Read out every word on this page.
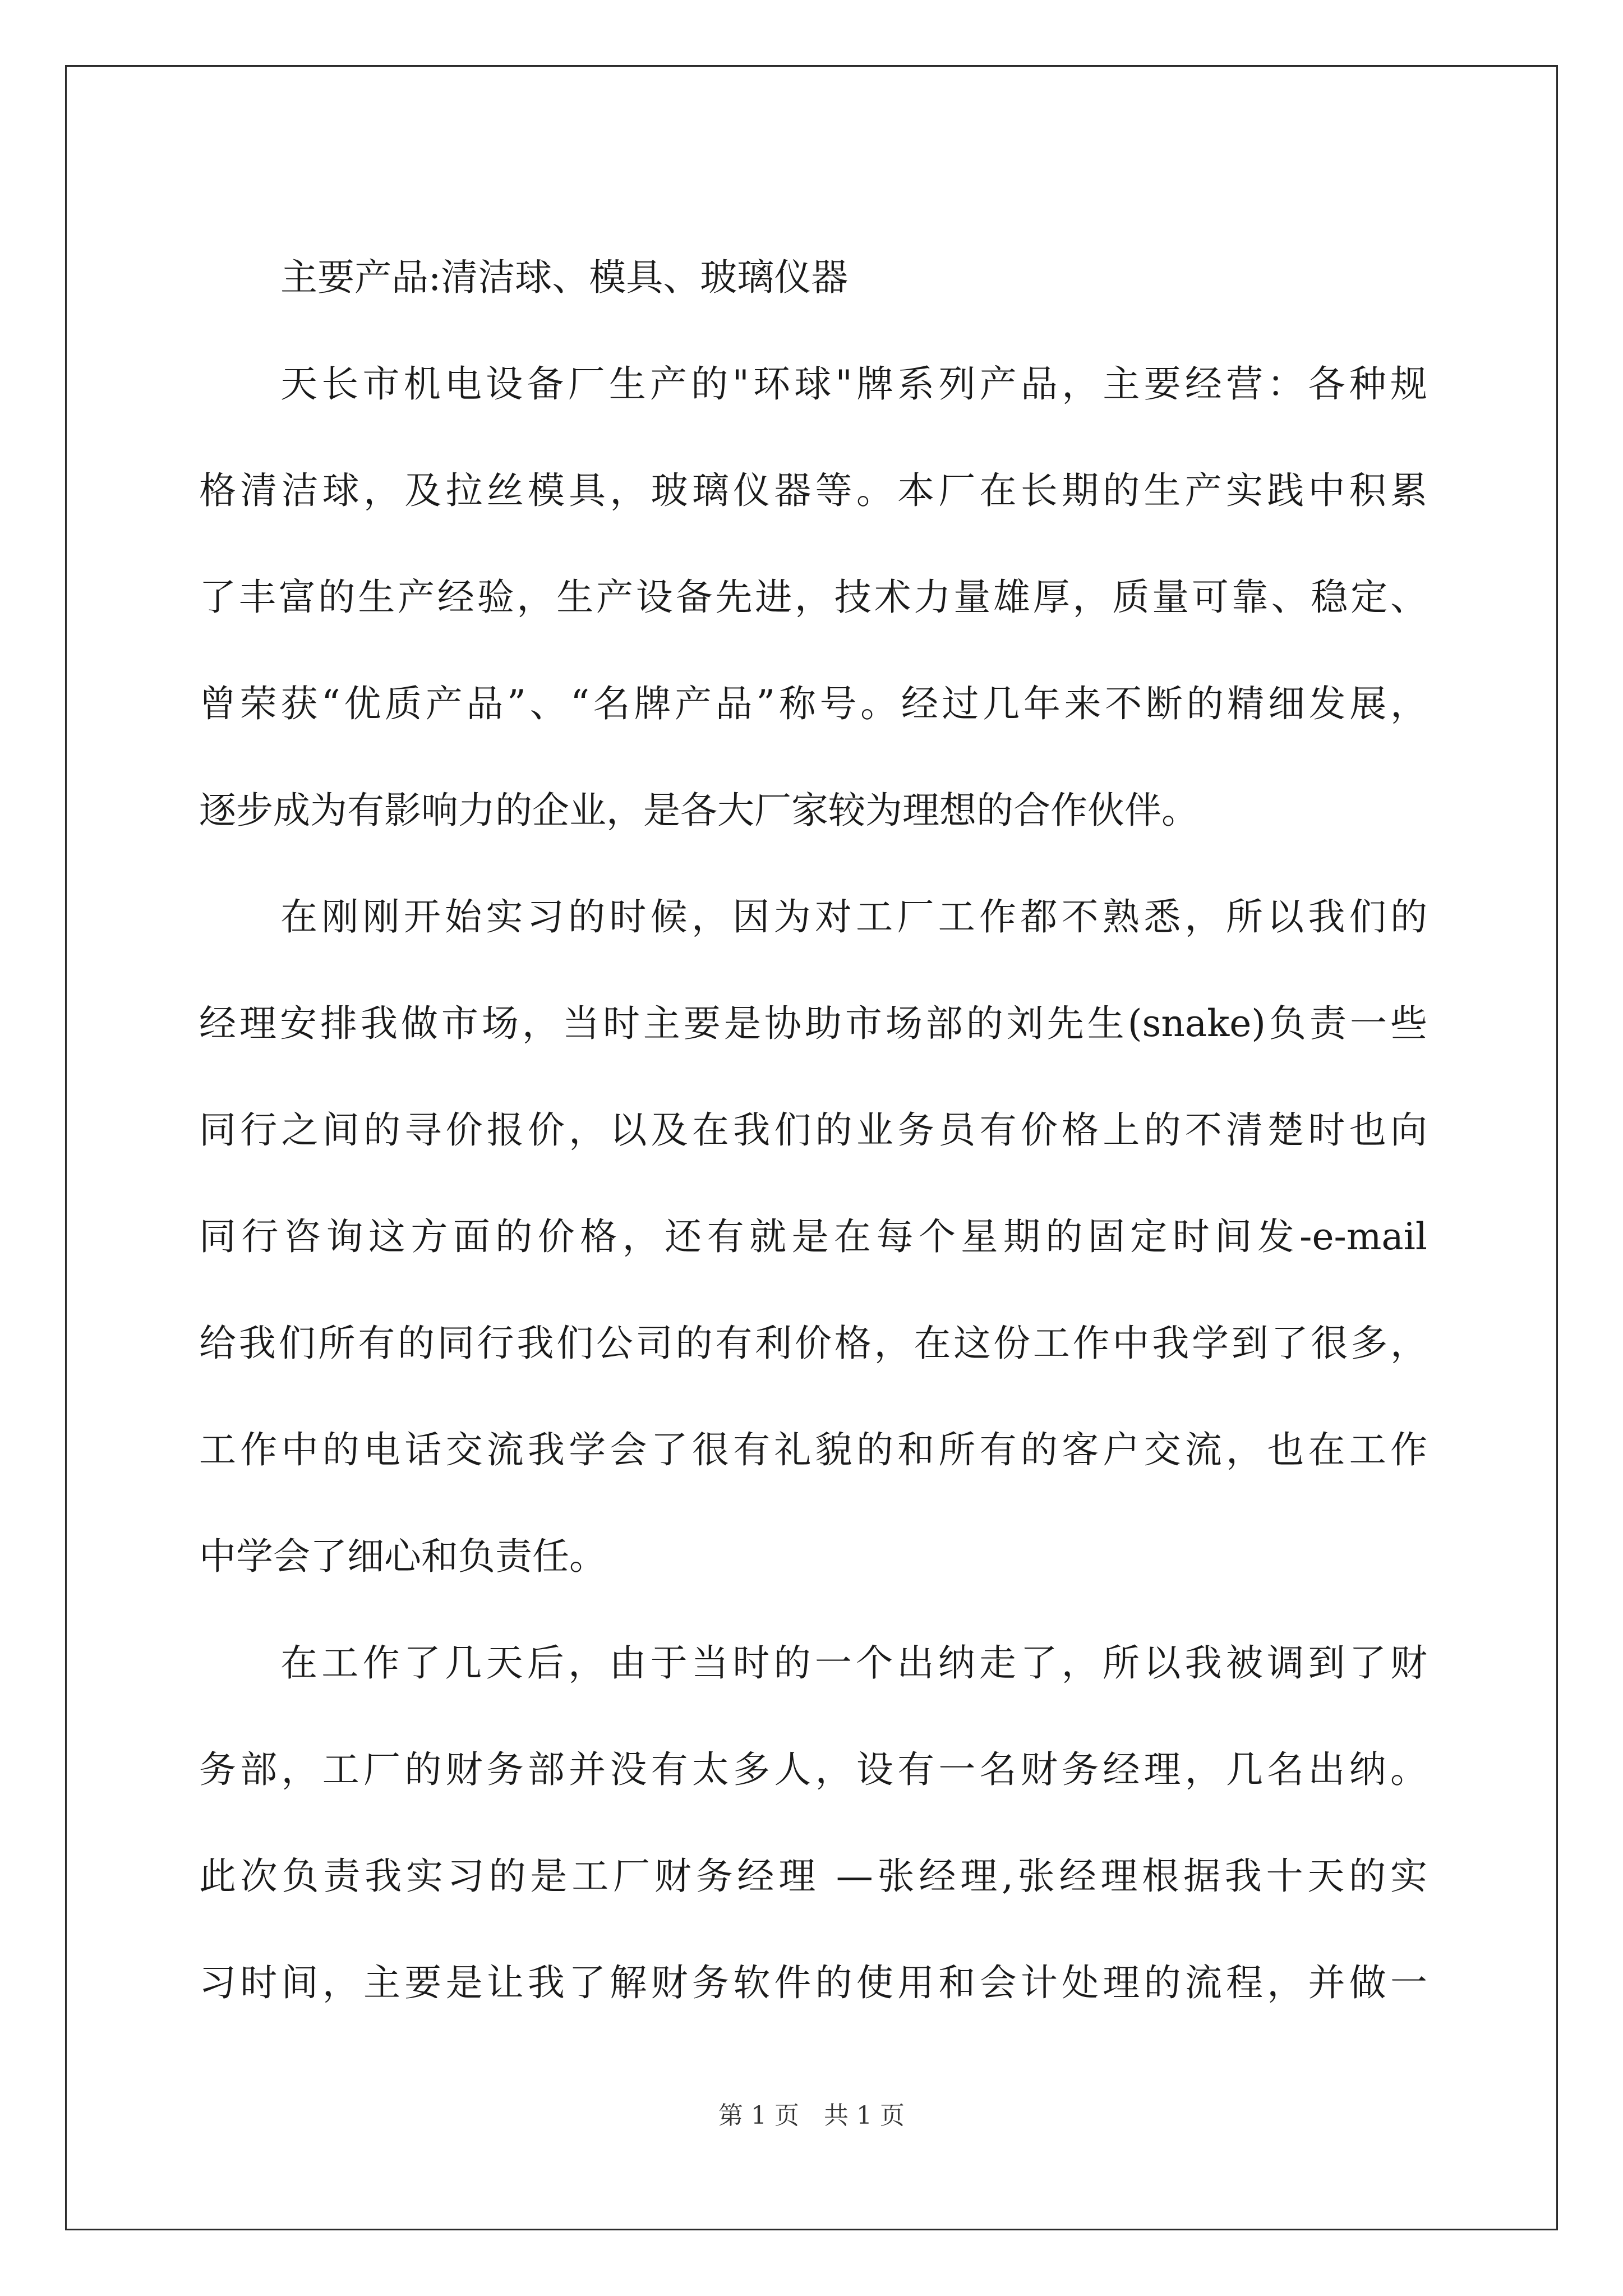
主要产品:清洁球、模具、玻璃仪器
天长市机电设备厂生产的"环球"牌系列产品，主要经营：各种规
格清洁球，及拉丝模具，玻璃仪器等。本厂在长期的生产实践中积累
了丰富的生产经验，生产设备先进，技术力量雄厚，质量可靠、稳定、
曾荣获“优质产品”、“名牌产品”称号。经过几年来不断的精细发展，
逐步成为有影响力的企业，是各大厂家较为理想的合作伙伴。
在刚刚开始实习的时候，因为对工厂工作都不熟悉，所以我们的
经理安排我做市场，当时主要是协助市场部的刘先生(snake)负责一些
同行之间的寻价报价，以及在我们的业务员有价格上的不清楚时也向
同行咨询这方面的价格，还有就是在每个星期的固定时间发-e-mail
给我们所有的同行我们公司的有利价格，在这份工作中我学到了很多，
工作中的电话交流我学会了很有礼貌的和所有的客户交流，也在工作
中学会了细心和负责任。
在工作了几天后，由于当时的一个出纳走了，所以我被调到了财
务部，工厂的财务部并没有太多人，设有一名财务经理，几名出纳。
此次负责我实习的是工厂财务经理 —张经理,张经理根据我十天的实
习时间，主要是让我了解财务软件的使用和会计处理的流程，并做一
第 1 页　共 1 页
